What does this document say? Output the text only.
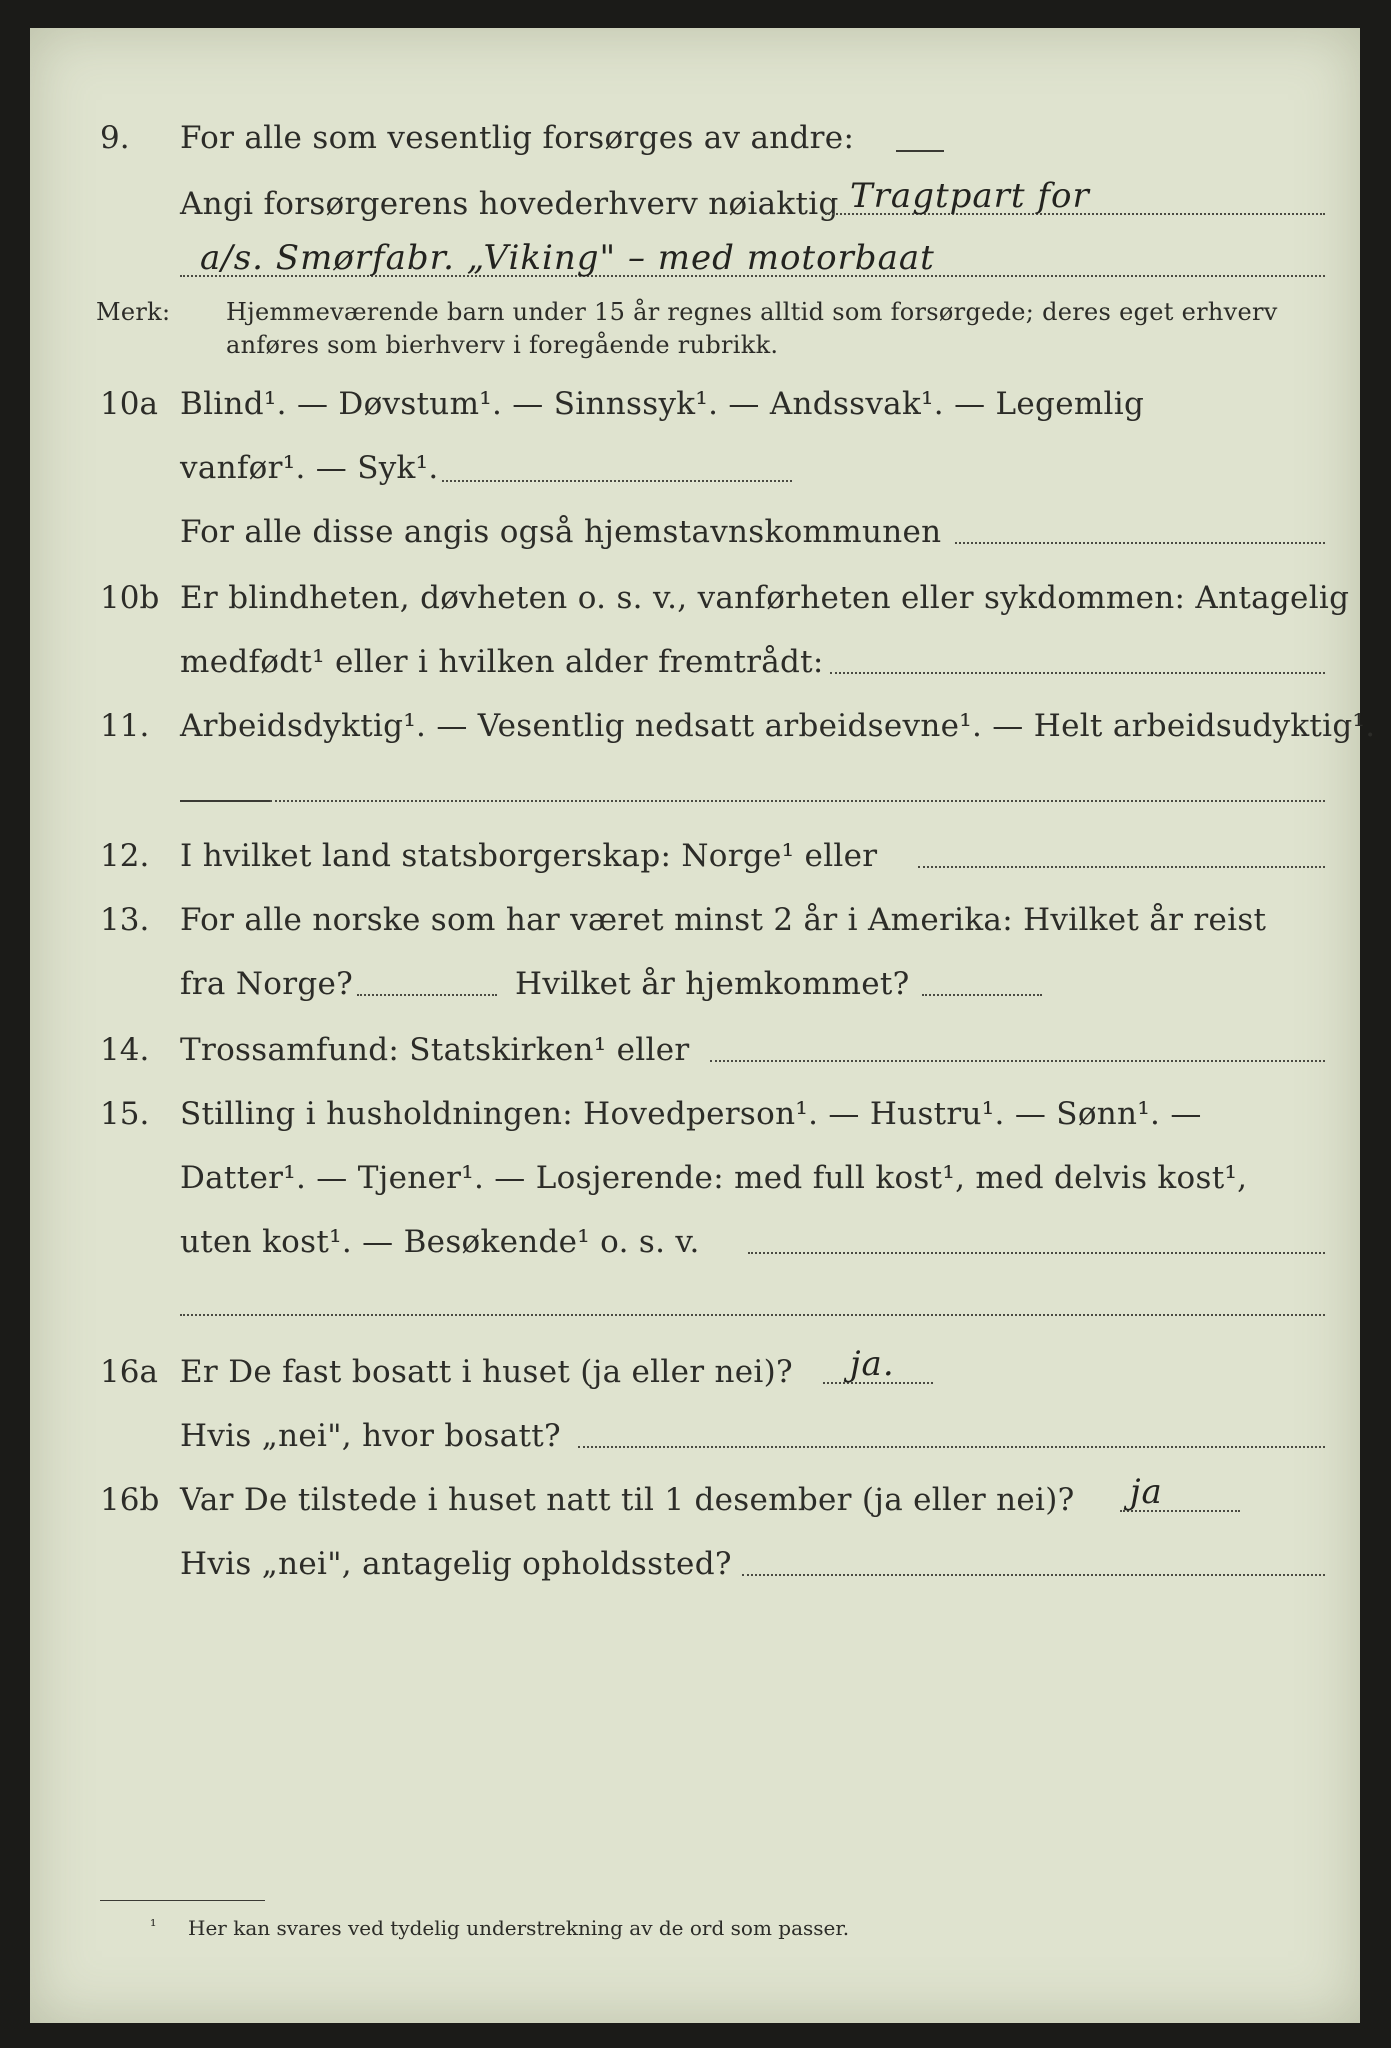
9. For alle som vesentlig forsørges av andre:
Angi forsørgerens hovederhverv nøiaktig Tragtpart for
a/s. Smørfabr. „Viking" – med motorbaat
Merk: Hjemmeværende barn under 15 år regnes alltid som forsørgede; deres eget erhverv
anføres som bierhverv i foregående rubrikk.
10a Blind¹. — Døvstum¹. — Sinnssyk¹. — Andssvak¹. — Legemlig
vanfør¹. — Syk¹.
For alle disse angis også hjemstavnskommunen
10b Er blindheten, døvheten o. s. v., vanførheten eller sykdommen: Antagelig
medfødt¹ eller i hvilken alder fremtrådt:
11. Arbeidsdyktig¹. — Vesentlig nedsatt arbeidsevne¹. — Helt arbeidsudyktig¹.
12. I hvilket land statsborgerskap: Norge¹ eller
13. For alle norske som har været minst 2 år i Amerika: Hvilket år reist
fra Norge?	Hvilket år hjemkommet?
14. Trossamfund: Statskirken¹ eller
15. Stilling i husholdningen: Hovedperson¹. — Hustru¹. — Sønn¹. —
Datter¹. — Tjener¹. — Losjerende: med full kost¹, med delvis kost¹,
uten kost¹. — Besøkende¹ o. s. v.
16a Er De fast bosatt i huset (ja eller nei)? ja.
Hvis „nei", hvor bosatt?
16b Var De tilstede i huset natt til 1 desember (ja eller nei)? ja
Hvis „nei", antagelig opholdssted?
¹ Her kan svares ved tydelig understrekning av de ord som passer.
